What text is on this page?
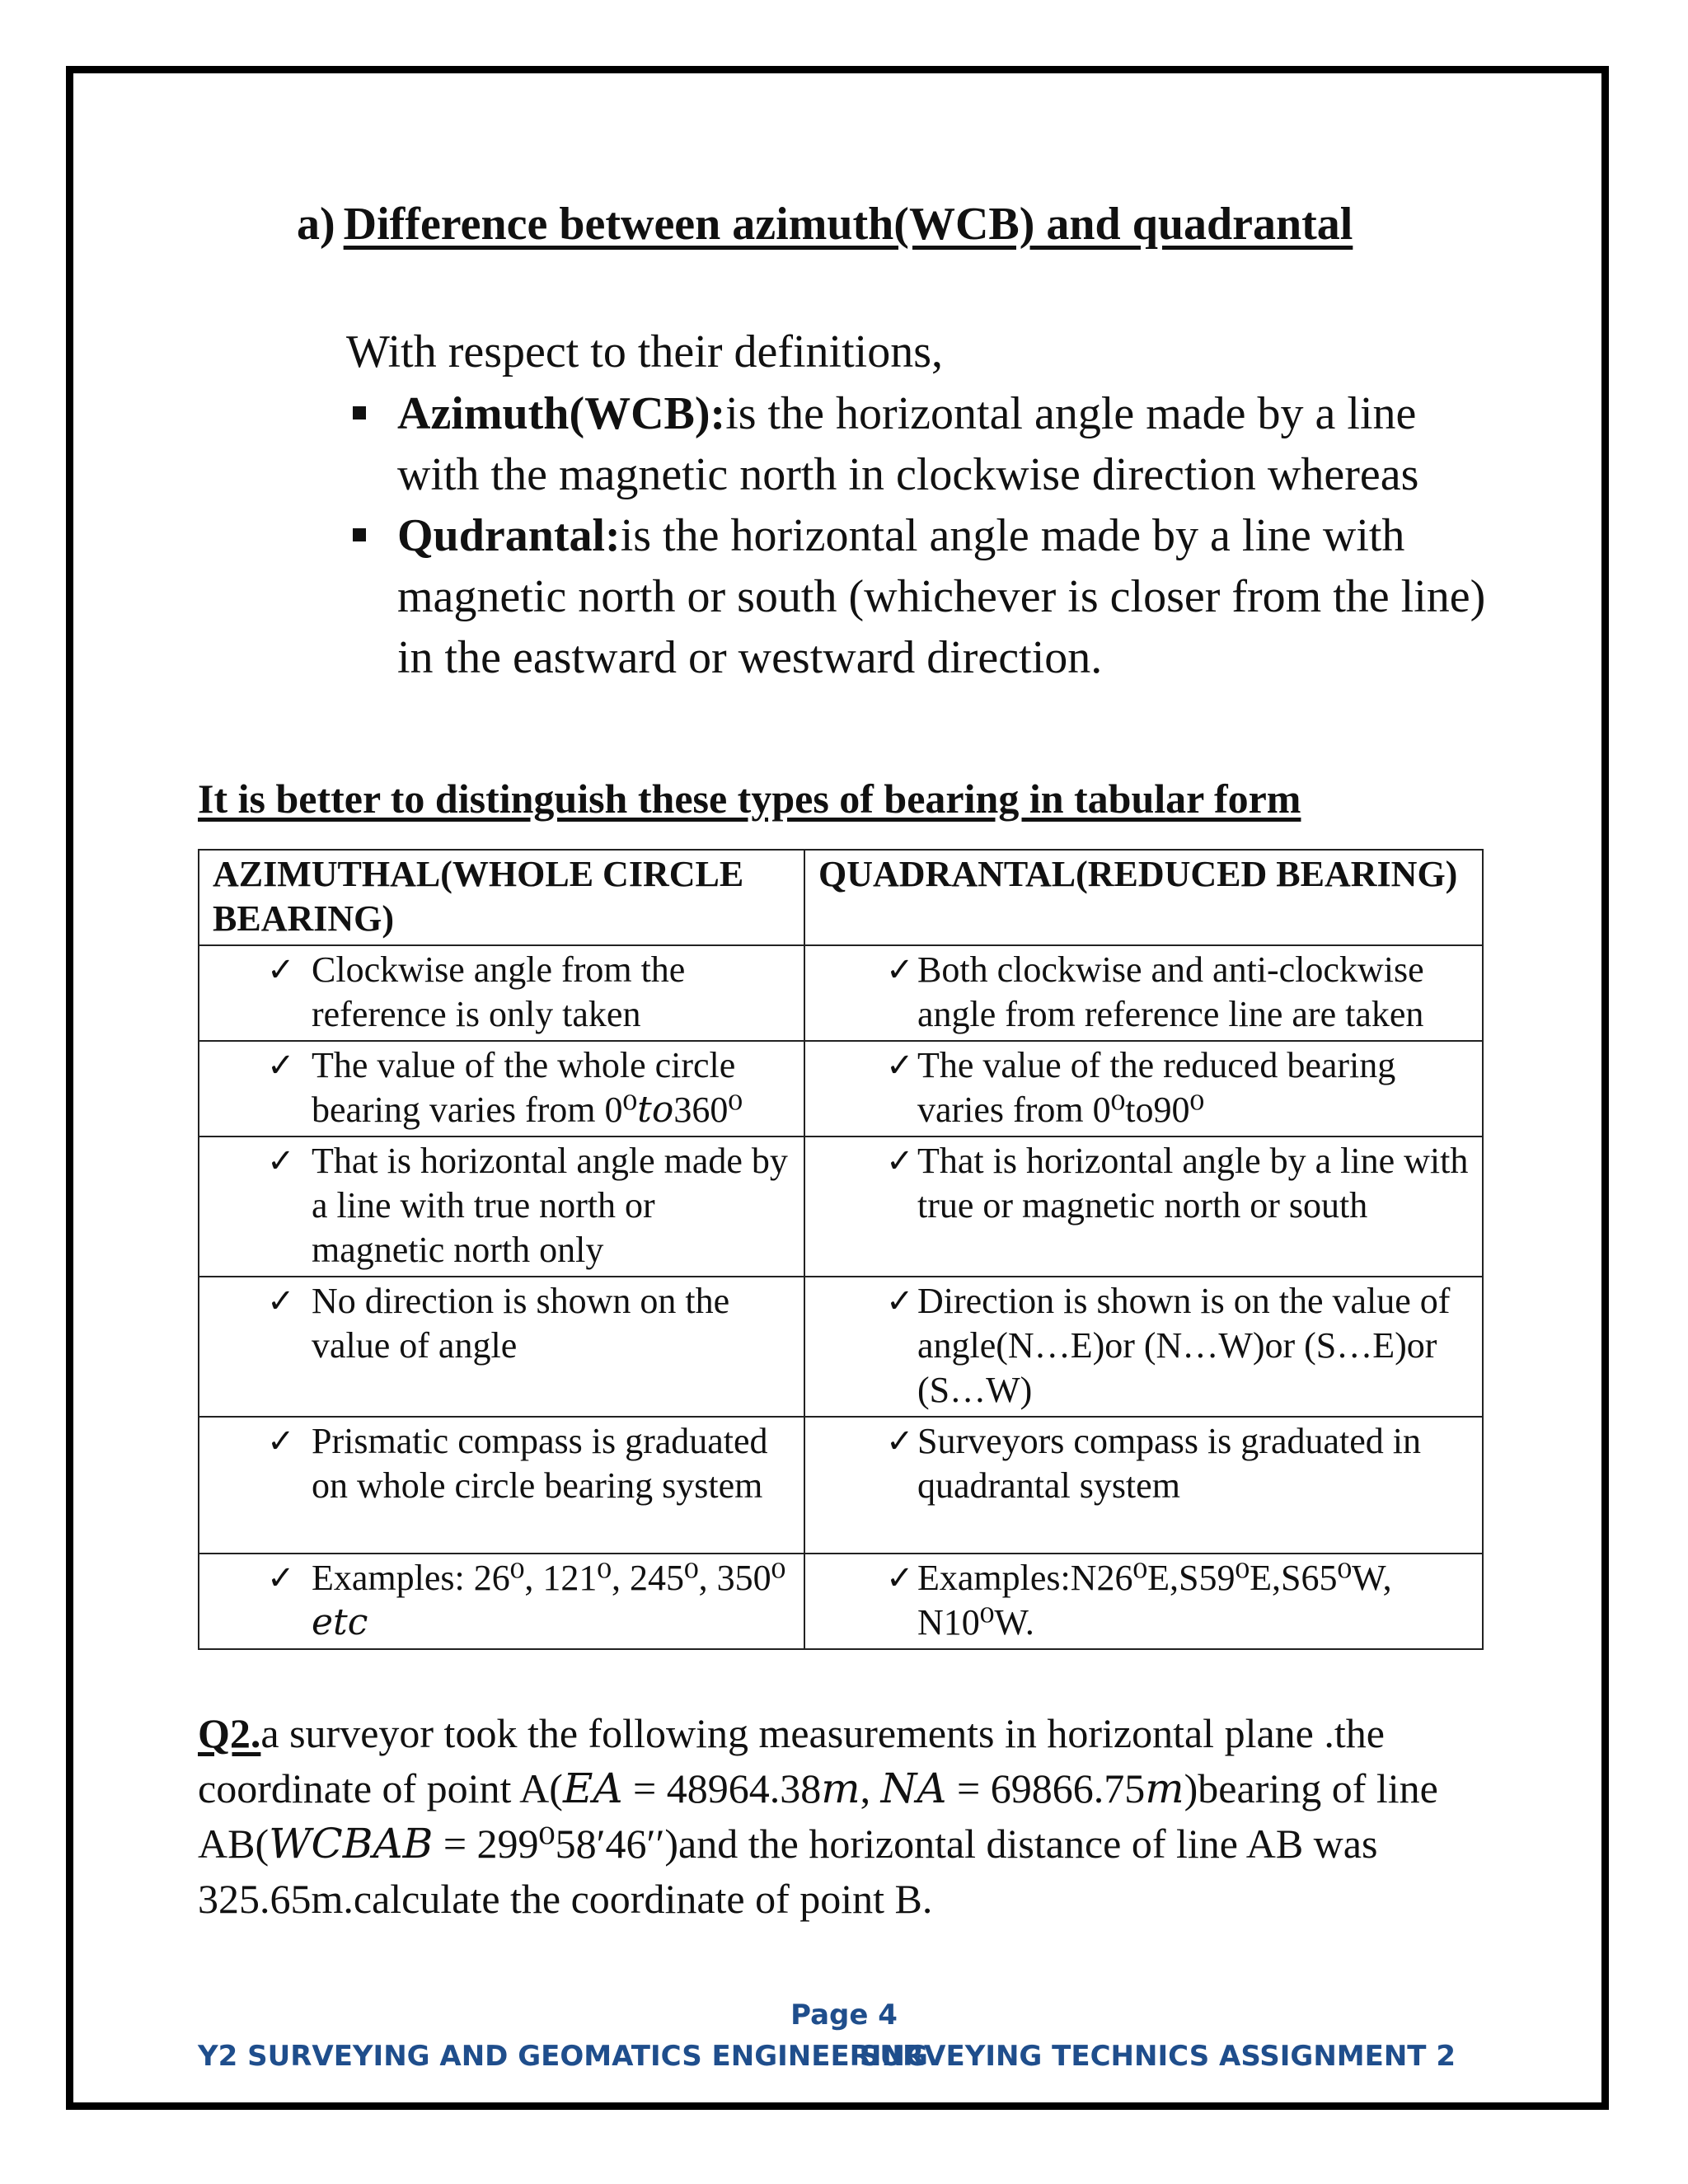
a) Difference between azimuth(WCB) and quadrantal
With respect to their definitions,
Azimuth(WCB):is the horizontal angle made by a line with the magnetic north in clockwise direction whereas
Qudrantal:is the horizontal angle made by a line with magnetic north or south (whichever is closer from the line) in the eastward or westward direction.
It is better to distinguish these types of bearing in tabular form
AZIMUTHAL(WHOLE CIRCLE BEARING)	QUADRANTAL(REDUCED BEARING)

✓ Clockwise angle from the reference is only taken	✓ Both clockwise and anti-clockwise angle from reference line are taken

✓ The value of the whole circle bearing varies from 0⁰𝑡𝑜360⁰	✓ The value of the reduced bearing varies from 0⁰to90⁰

✓ That is horizontal angle made by a line with true north or magnetic north only	✓ That is horizontal angle by a line with true or magnetic north or south

✓ No direction is shown on the value of angle	✓ Direction is shown is on the value of angle(N…E)or (N…W)or (S…E)or (S…W)

✓ Prismatic compass is graduated on whole circle bearing system	✓ Surveyors compass is graduated in quadrantal system

✓ Examples: 26⁰, 121⁰, 245⁰, 350⁰ 𝑒𝑡𝑐	✓ Examples:N26⁰E,S59⁰E,S65⁰W, N10⁰W.
Q2.a surveyor took the following measurements in horizontal plane .the coordinate of point A(𝐸𝐴 = 48964.38𝑚, 𝑁𝐴 = 69866.75𝑚)bearing of line AB(𝑊𝐶𝐵𝐴𝐵 = 299⁰58′46′′)and the horizontal distance of line AB was 325.65m.calculate the coordinate of point B.
Page 4
Y2 SURVEYING AND GEOMATICS ENGINEERING
SURVEYING TECHNICS ASSIGNMENT 2
